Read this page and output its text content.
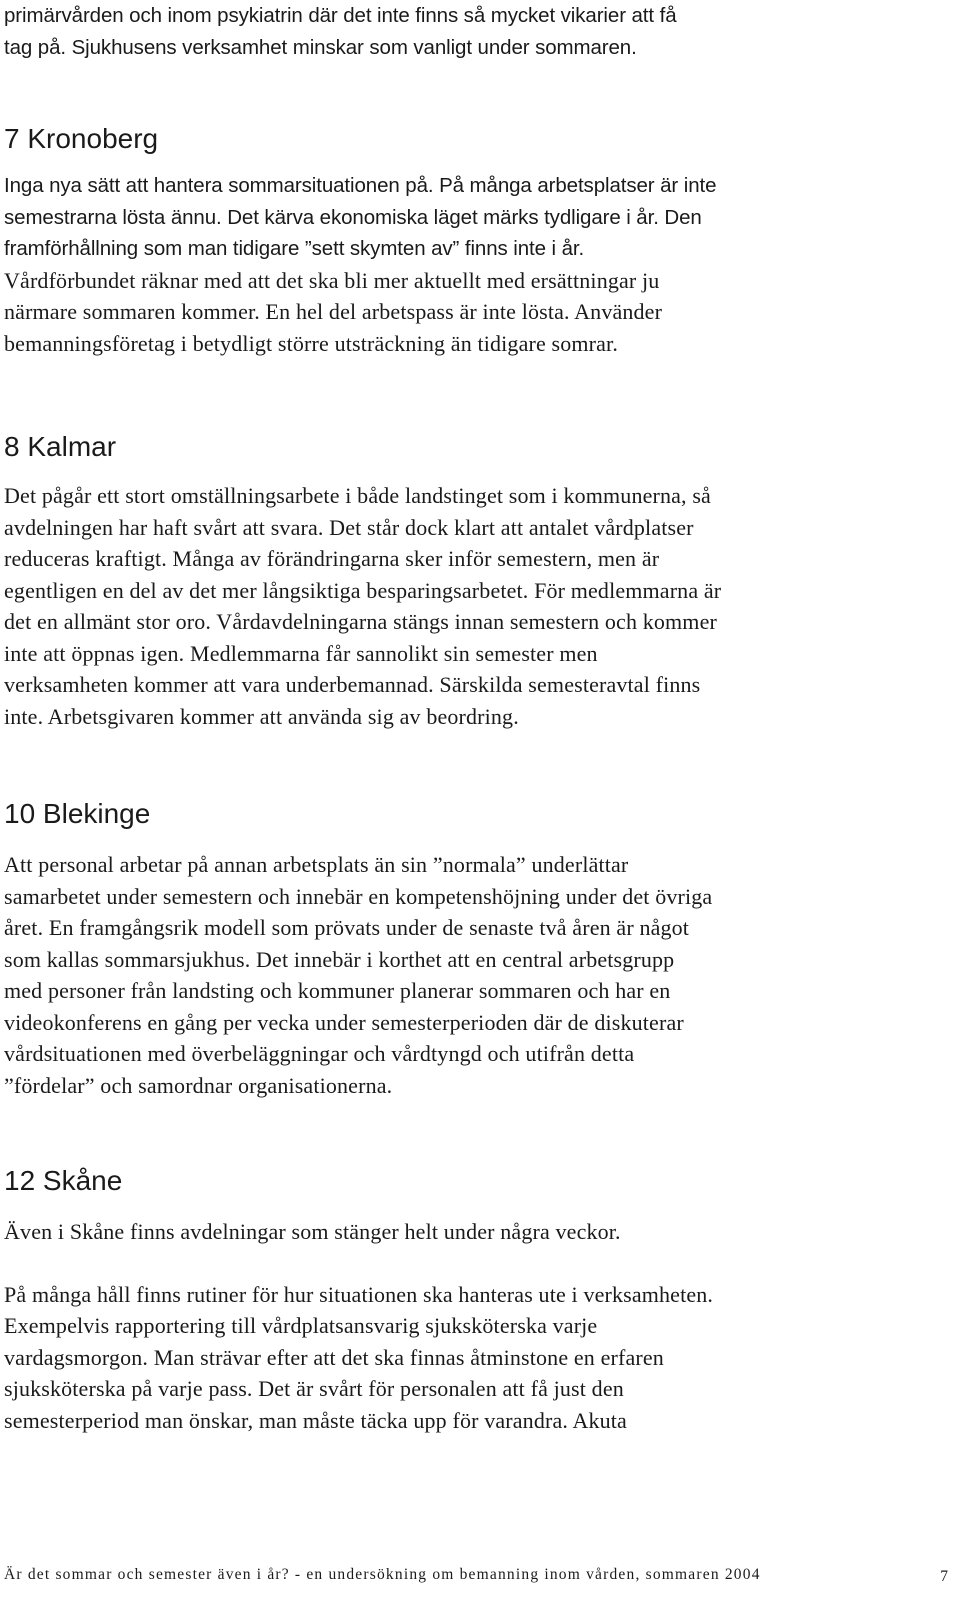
primärvården och inom psykiatrin där det inte finns så mycket vikarier att få

tag på. Sjukhusens verksamhet minskar som vanligt under sommaren.

7 Kronoberg

Inga nya sätt att hantera sommarsituationen på. På många arbetsplatser är inte

semestrarna lösta ännu. Det kärva ekonomiska läget märks tydligare i år. Den

framförhållning som man tidigare ”sett skymten av” finns inte i år.

Vårdförbundet räknar med att det ska bli mer aktuellt med ersättningar ju

närmare sommaren kommer. En hel del arbetspass är inte lösta. Använder

bemanningsföretag i betydligt större utsträckning än tidigare somrar.

8 Kalmar

Det pågår ett stort omställningsarbete i både landstinget som i kommunerna, så

avdelningen har haft svårt att svara. Det står dock klart att antalet vårdplatser

reduceras kraftigt. Många av förändringarna sker inför semestern, men är

egentligen en del av det mer långsiktiga besparingsarbetet. För medlemmarna är

det en allmänt stor oro. Vårdavdelningarna stängs innan semestern och kommer

inte att öppnas igen. Medlemmarna får sannolikt sin semester men

verksamheten kommer att vara underbemannad. Särskilda semesteravtal finns

inte. Arbetsgivaren kommer att använda sig av beordring.

10 Blekinge

Att personal arbetar på annan arbetsplats än sin ”normala” underlättar

samarbetet under semestern och innebär en kompetenshöjning under det övriga

året. En framgångsrik modell som prövats under de senaste två åren är något

som kallas sommarsjukhus. Det innebär i korthet att en central arbetsgrupp

med personer från landsting och kommuner planerar sommaren och har en

videokonferens en gång per vecka under semesterperioden där de diskuterar

vårdsituationen med överbeläggningar och vårdtyngd och utifrån detta

”fördelar” och samordnar organisationerna.

12 Skåne

Även i Skåne finns avdelningar som stänger helt under några veckor.

På många håll finns rutiner för hur situationen ska hanteras ute i verksamheten.

Exempelvis rapportering till vårdplatsansvarig sjuksköterska varje

vardagsmorgon. Man strävar efter att det ska finnas åtminstone en erfaren

sjuksköterska på varje pass. Det är svårt för personalen att få just den

semesterperiod man önskar, man måste täcka upp för varandra. Akuta

Är det sommar och semester även i år? - en undersökning om bemanning inom vården, sommaren 2004	7
